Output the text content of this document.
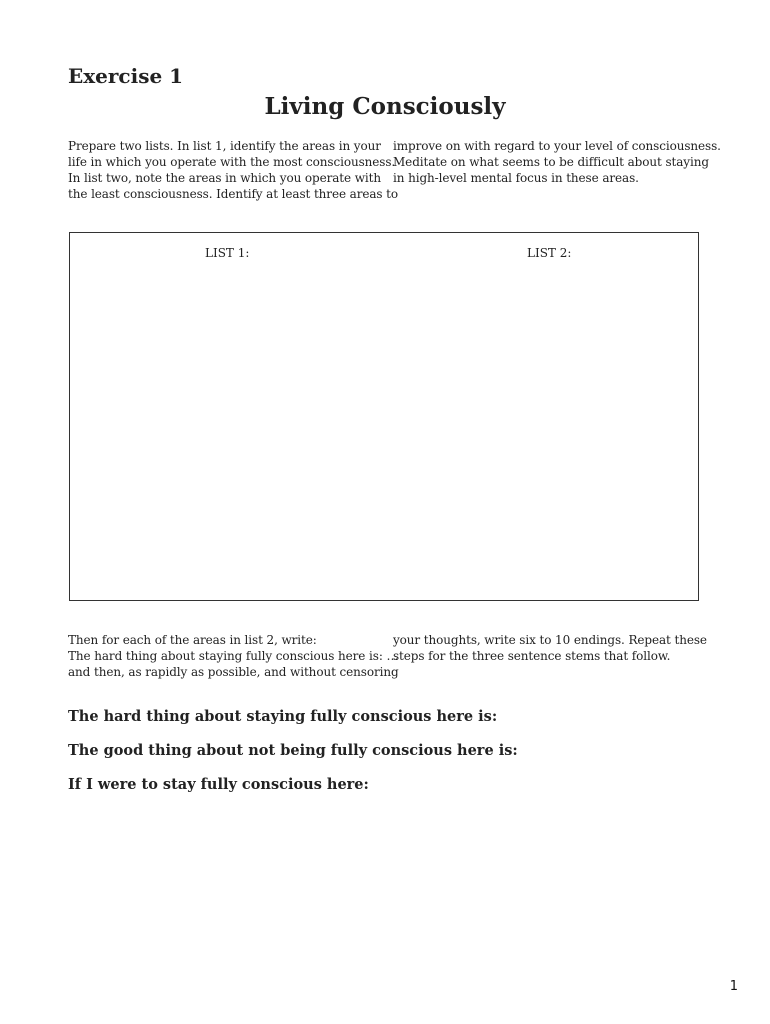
Exercise 1
Living Consciously

Prepare two lists. In list 1, identify the areas in your
life in which you operate with the most consciousness.
In list two, note the areas in which you operate with
the least consciousness. Identify at least three areas to

improve on with regard to your level of consciousness.
Meditate on what seems to be difficult about staying
in high-level mental focus in these areas.

LIST 1:	LIST 2:

Then for each of the areas in list 2, write:
The hard thing about staying fully conscious here is: …
and then, as rapidly as possible, and without censoring

your thoughts, write six to 10 endings. Repeat these
steps for the three sentence stems that follow.

The hard thing about staying fully conscious here is:

The good thing about not being fully conscious here is:

If I were to stay fully conscious here:

1
